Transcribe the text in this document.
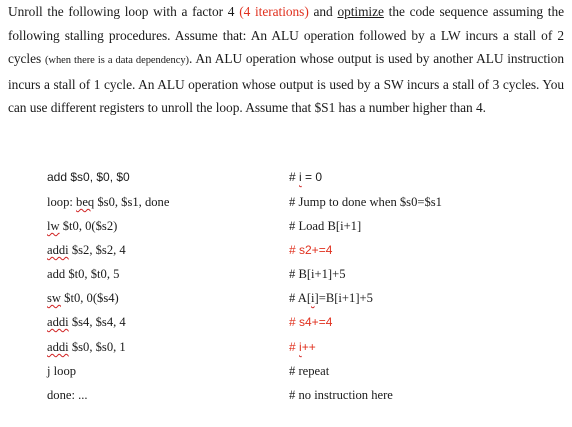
Unroll the following loop with a factor 4 (4 iterations) and optimize the code sequence assuming the following stalling procedures. Assume that: An ALU operation followed by a LW incurs a stall of 2 cycles (when there is a data dependency). An ALU operation whose output is used by another ALU instruction incurs a stall of 1 cycle. An ALU operation whose output is used by a SW incurs a stall of 3 cycles. You can use different registers to unroll the loop. Assume that $S1 has a number higher than 4.
add $s0, $0, $0	# i = 0
loop: beq $s0, $s1, done	# Jump to done when $s0=$s1
lw $t0, 0($s2)	# Load B[i+1]
addi $s2, $s2, 4	# s2+=4
add $t0, $t0, 5	# B[i+1]+5
sw $t0, 0($s4)	# A[i]=B[i+1]+5
addi $s4, $s4, 4	# s4+=4
addi $s0, $s0, 1	# i++
j loop	# repeat
done: ...	# no instruction here
